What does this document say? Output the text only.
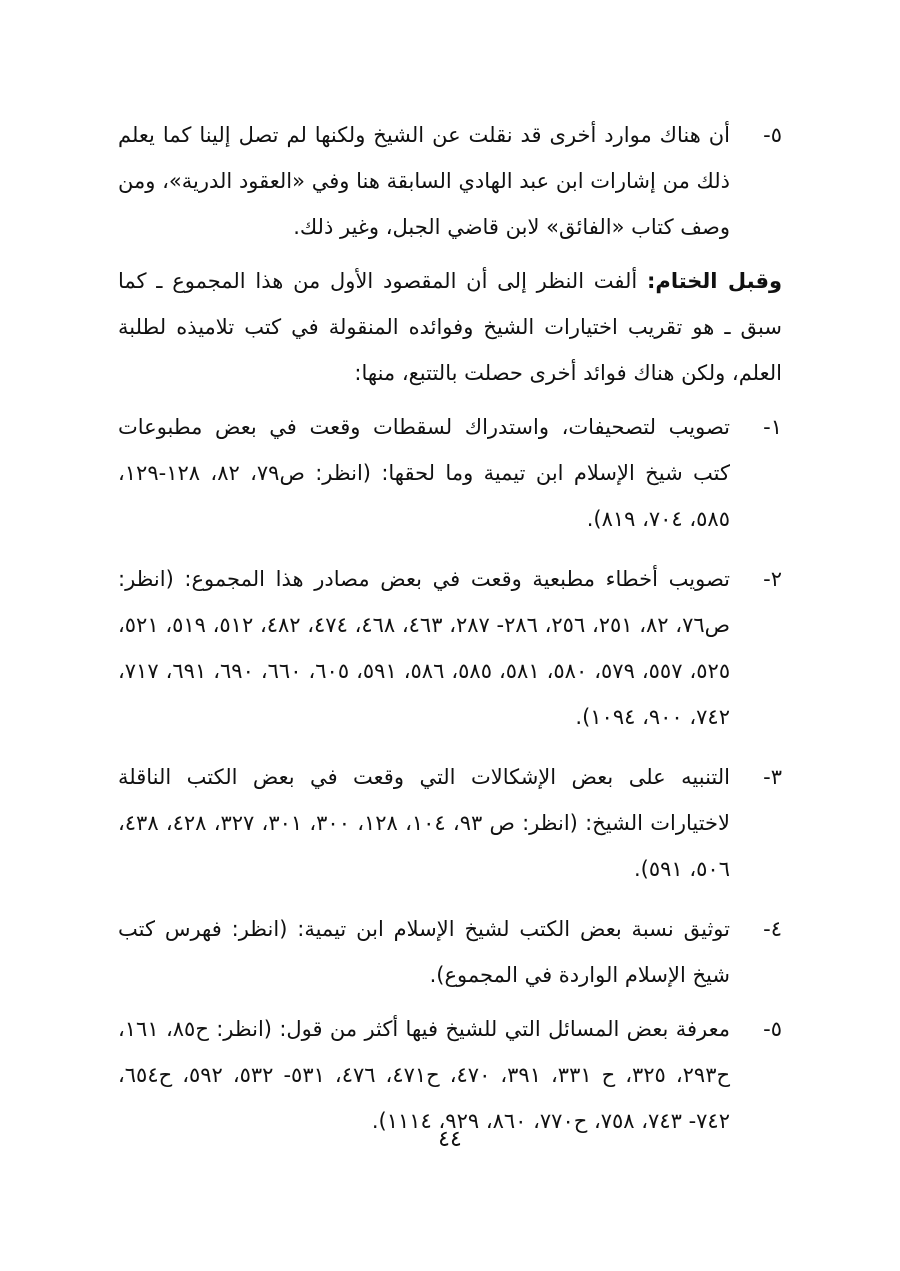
٥-
أن هناك موارد أخرى قد نقلت عن الشيخ ولكنها لم تصل إلينا كما يعلم ذلك من إشارات ابن عبد الهادي السابقة هنا وفي «العقود الدرية»، ومن وصف كتاب «الفائق» لابن قاضي الجبل، وغير ذلك.
وقبل الختام: ألفت النظر إلى أن المقصود الأول من هذا المجموع ـ كما سبق ـ هو تقريب اختيارات الشيخ وفوائده المنقولة في كتب تلاميذه لطلبة العلم، ولكن هناك فوائد أخرى حصلت بالتتبع، منها:
١-
تصويب لتصحيفات، واستدراك لسقطات وقعت في بعض مطبوعات كتب شيخ الإسلام ابن تيمية وما لحقها: (انظر: ص٧٩، ٨٢، ١٢٨-١٢٩، ٥٨٥، ٧٠٤، ٨١٩).
٢-
تصويب أخطاء مطبعية وقعت في بعض مصادر هذا المجموع: (انظر: ص٧٦، ٨٢، ٢٥١، ٢٥٦، ٢٨٦- ٢٨٧، ٤٦٣، ٤٦٨، ٤٧٤، ٤٨٢، ٥١٢، ٥١٩، ٥٢١، ٥٢٥، ٥٥٧، ٥٧٩، ٥٨٠، ٥٨١، ٥٨٥، ٥٨٦، ٥٩١، ٦٠٥، ٦٦٠، ٦٩٠، ٦٩١، ٧١٧، ٧٤٢، ٩٠٠، ١٠٩٤).
٣-
التنبيه على بعض الإشكالات التي وقعت في بعض الكتب الناقلة لاختيارات الشيخ: (انظر: ص ٩٣، ١٠٤، ١٢٨، ٣٠٠، ٣٠١، ٣٢٧، ٤٢٨، ٤٣٨، ٥٠٦، ٥٩١).
٤-
توثيق نسبة بعض الكتب لشيخ الإسلام ابن تيمية: (انظر: فهرس كتب شيخ الإسلام الواردة في المجموع).
٥-
معرفة بعض المسائل التي للشيخ فيها أكثر من قول: (انظر: ح٨٥، ١٦١، ح٢٩٣، ٣٢٥، ح ٣٣١، ٣٩١، ٤٧٠، ح٤٧١، ٤٧٦، ٥٣١- ٥٣٢، ٥٩٢، ح٦٥٤، ٧٤٢- ٧٤٣، ٧٥٨، ح٧٧٠، ٨٦٠، ٩٢٩، ١١١٤).
٤٤
